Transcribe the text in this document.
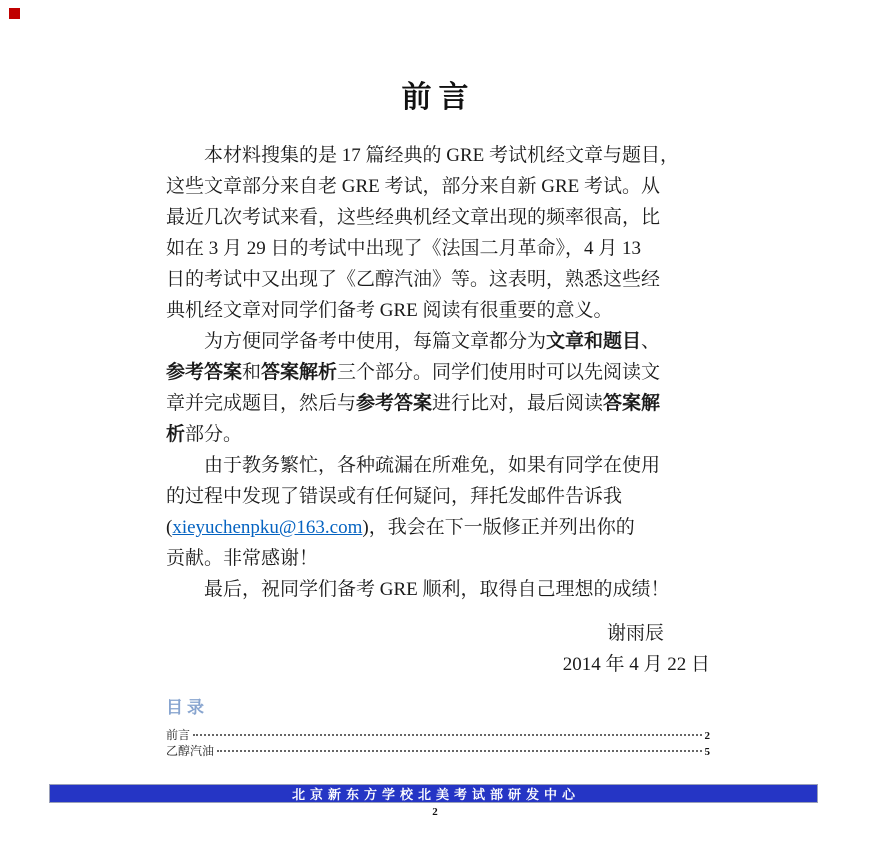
前言
本材料搜集的是 17 篇经典的 GRE 考试机经文章与题目，
这些文章部分来自老 GRE 考试，部分来自新 GRE 考试。从
最近几次考试来看，这些经典机经文章出现的频率很高，比
如在 3 月 29 日的考试中出现了《法国二月革命》，4 月 13
日的考试中又出现了《乙醇汽油》等。这表明，熟悉这些经
典机经文章对同学们备考 GRE 阅读有很重要的意义。
为方便同学备考中使用，每篇文章都分为文章和题目、
参考答案和答案解析三个部分。同学们使用时可以先阅读文
章并完成题目，然后与参考答案进行比对，最后阅读答案解
析部分。
由于教务繁忙，各种疏漏在所难免，如果有同学在使用
的过程中发现了错误或有任何疑问，拜托发邮件告诉我
(xieyuchenpku@163.com)，我会在下一版修正并列出你的
贡献。非常感谢！
最后，祝同学们备考 GRE 顺利，取得自己理想的成绩！
谢雨辰
2014 年 4 月 22 日
目录
前言	2
乙醇汽油	5
北京新东方学校北美考试部研发中心
2
